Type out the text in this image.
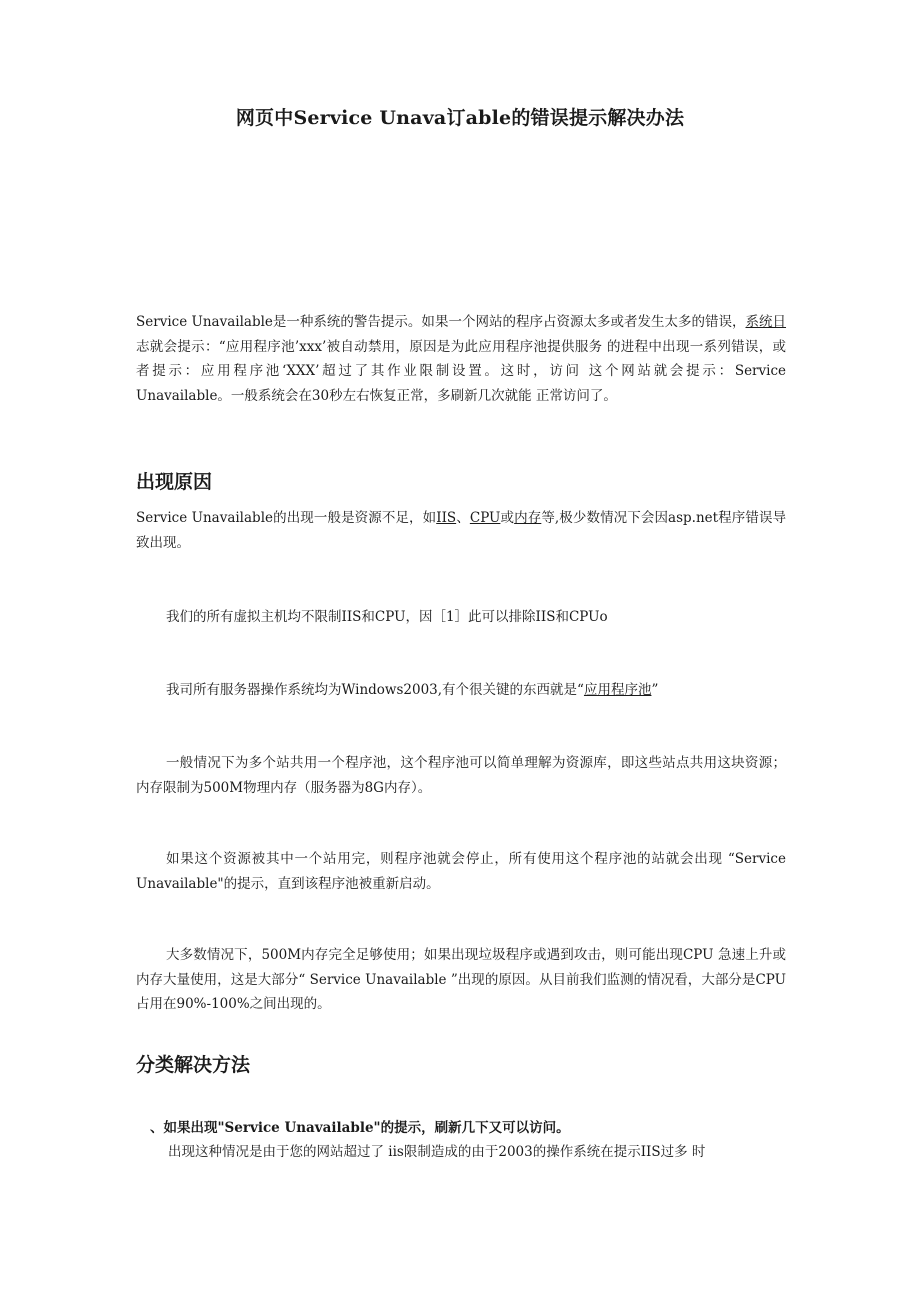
网页中Service Unava订able的错误提示解决办法
Service Unavailable是一种系统的警告提示。如果一个网站的程序占资源太多或者发生太多的错误，系统日志就会提示：“应用程序池’xxx’被自动禁用，原因是为此应用程序池提供服务 的进程中出现一系列错误，或者提示：应用程序池‘XXX’超过了其作业限制设置。这时，访问 这个网站就会提示：Service Unavailable。一般系统会在30秒左右恢复正常，多刷新几次就能 正常访问了。
出现原因
Service Unavailable的出现一般是资源不足，如IIS、CPU或内存等,极少数情况下会因asp.net程序错误导致出现。
我们的所有虚拟主机均不限制IIS和CPU，因［1］此可以排除IIS和CPUo
我司所有服务器操作系统均为Windows2003,有个很关键的东西就是“应用程序池”
一般情况下为多个站共用一个程序池，这个程序池可以简单理解为资源库，即这些站点共用这块资源；内存限制为500M物理内存（服务器为8G内存）。
如果这个资源被其中一个站用完，则程序池就会停止，所有使用这个程序池的站就会出现 “Service Unavailable"的提示，直到该程序池被重新启动。
大多数情况下，500M内存完全足够使用；如果出现垃圾程序或遇到攻击，则可能出现CPU 急速上升或内存大量使用，这是大部分“ Service Unavailable ”出现的原因。从目前我们监测的情况看，大部分是CPU占用在90%-100%之间出现的。
分类解决方法
、如果出现"Service Unavailable"的提示，刷新几下又可以访问。
出现这种情况是由于您的网站超过了 iis限制造成的由于2003的操作系统在提示IIS过多 时
